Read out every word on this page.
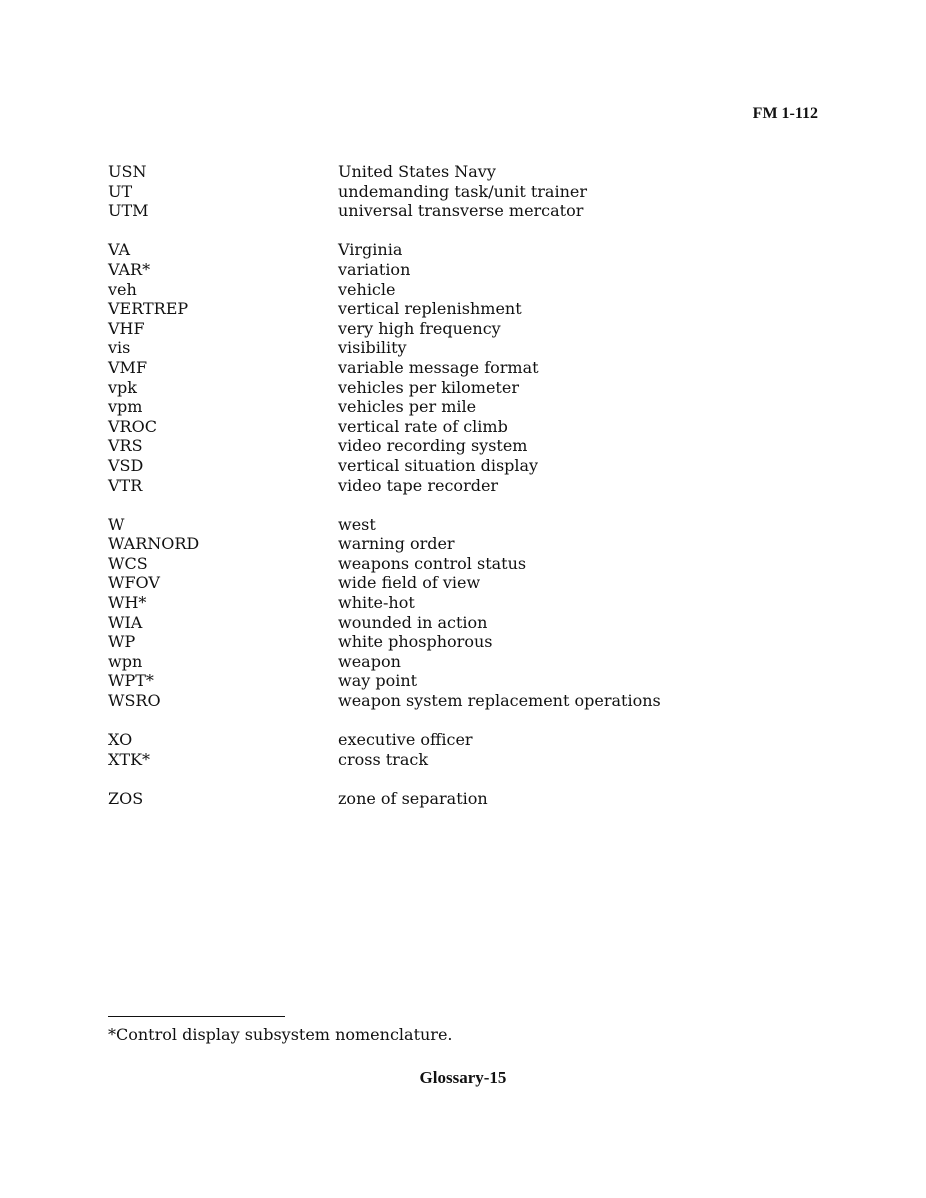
FM 1-112
USN	United States Navy
UT	undemanding task/unit trainer
UTM	universal transverse mercator
VA	Virginia
VAR*	variation
veh	vehicle
VERTREP	vertical replenishment
VHF	very high frequency
vis	visibility
VMF	variable message format
vpk	vehicles per kilometer
vpm	vehicles per mile
VROC	vertical rate of climb
VRS	video recording system
VSD	vertical situation display
VTR	video tape recorder
W	west
WARNORD	warning order
WCS	weapons control status
WFOV	wide field of view
WH*	white-hot
WIA	wounded in action
WP	white phosphorous
wpn	weapon
WPT*	way point
WSRO	weapon system replacement operations
XO	executive officer
XTK*	cross track
ZOS	zone of separation
*Control display subsystem nomenclature.
Glossary-15
